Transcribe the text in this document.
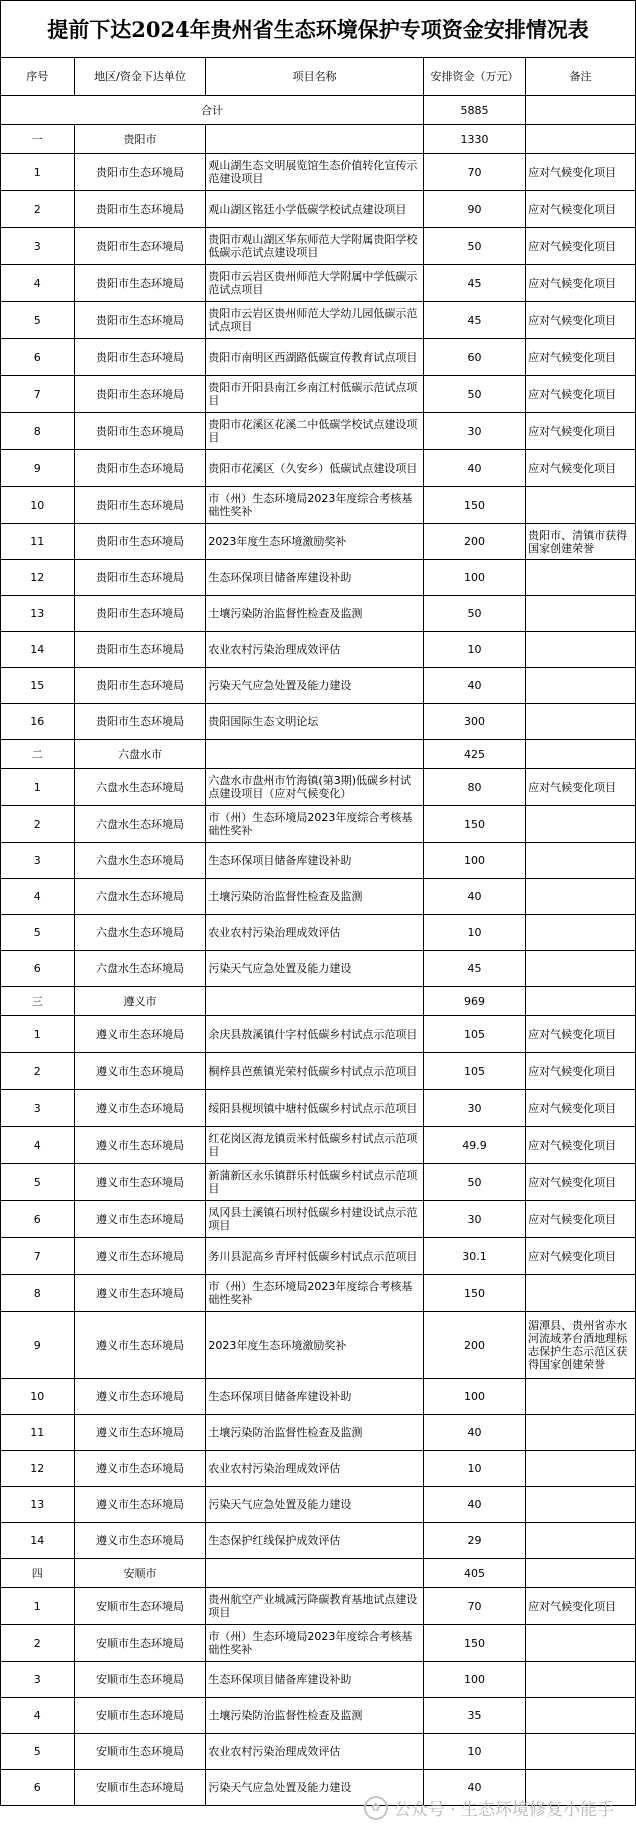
提前下达2024年贵州省生态环境保护专项资金安排情况表
序号	地区/资金下达单位	项目名称	安排资金（万元）	备注
合计			5885	
一	贵阳市		1330	
1	贵阳市生态环境局	观山湖生态文明展览馆生态价值转化宣传示范建设项目	70	应对气候变化项目
2	贵阳市生态环境局	观山湖区铭廷小学低碳学校试点建设项目	90	应对气候变化项目
3	贵阳市生态环境局	贵阳市观山湖区华东师范大学附属贵阳学校低碳示范试点建设项目	50	应对气候变化项目
4	贵阳市生态环境局	贵阳市云岩区贵州师范大学附属中学低碳示范试点项目	45	应对气候变化项目
5	贵阳市生态环境局	贵阳市云岩区贵州师范大学幼儿园低碳示范试点项目	45	应对气候变化项目
6	贵阳市生态环境局	贵阳市南明区西湖路低碳宣传教育试点项目	60	应对气候变化项目
7	贵阳市生态环境局	贵阳市开阳县南江乡南江村低碳示范试点项目	50	应对气候变化项目
8	贵阳市生态环境局	贵阳市花溪区花溪二中低碳学校试点建设项目	30	应对气候变化项目
9	贵阳市生态环境局	贵阳市花溪区（久安乡）低碳试点建设项目	40	应对气候变化项目
10	贵阳市生态环境局	市（州）生态环境局2023年度综合考核基础性奖补	150	
11	贵阳市生态环境局	2023年度生态环境激励奖补	200	贵阳市、清镇市获得国家创建荣誉
12	贵阳市生态环境局	生态环保项目储备库建设补助	100	
13	贵阳市生态环境局	土壤污染防治监督性检查及监测	50	
14	贵阳市生态环境局	农业农村污染治理成效评估	10	
15	贵阳市生态环境局	污染天气应急处置及能力建设	40	
16	贵阳市生态环境局	贵阳国际生态文明论坛	300	
二	六盘水市		425	
1	六盘水生态环境局	六盘水市盘州市竹海镇(第3期)低碳乡村试点建设项目（应对气候变化）	80	应对气候变化项目
2	六盘水生态环境局	市（州）生态环境局2023年度综合考核基础性奖补	150	
3	六盘水生态环境局	生态环保项目储备库建设补助	100	
4	六盘水生态环境局	土壤污染防治监督性检查及监测	40	
5	六盘水生态环境局	农业农村污染治理成效评估	10	
6	六盘水生态环境局	污染天气应急处置及能力建设	45	
三	遵义市		969	
1	遵义市生态环境局	余庆县敖溪镇什字村低碳乡村试点示范项目	105	应对气候变化项目
2	遵义市生态环境局	桐梓县芭蕉镇光荣村低碳乡村试点示范项目	105	应对气候变化项目
3	遵义市生态环境局	绥阳县枧坝镇中塘村低碳乡村试点示范项目	30	应对气候变化项目
4	遵义市生态环境局	红花岗区海龙镇贡米村低碳乡村试点示范项目	49.9	应对气候变化项目
5	遵义市生态环境局	新蒲新区永乐镇群乐村低碳乡村试点示范项目	50	应对气候变化项目
6	遵义市生态环境局	凤冈县土溪镇石坝村低碳乡村建设试点示范项目	30	应对气候变化项目
7	遵义市生态环境局	务川县泥高乡青坪村低碳乡村试点示范项目	30.1	应对气候变化项目
8	遵义市生态环境局	市（州）生态环境局2023年度综合考核基础性奖补	150	
9	遵义市生态环境局	2023年度生态环境激励奖补	200	湄潭县、贵州省赤水河流域茅台酒地理标志保护生态示范区获得国家创建荣誉
10	遵义市生态环境局	生态环保项目储备库建设补助	100	
11	遵义市生态环境局	土壤污染防治监督性检查及监测	40	
12	遵义市生态环境局	农业农村污染治理成效评估	10	
13	遵义市生态环境局	污染天气应急处置及能力建设	40	
14	遵义市生态环境局	生态保护红线保护成效评估	29	
四	安顺市		405	
1	安顺市生态环境局	贵州航空产业城减污降碳教育基地试点建设项目	70	应对气候变化项目
2	安顺市生态环境局	市（州）生态环境局2023年度综合考核基础性奖补	150	
3	安顺市生态环境局	生态环保项目储备库建设补助	100	
4	安顺市生态环境局	土壤污染防治监督性检查及监测	35	
5	安顺市生态环境局	农业农村污染治理成效评估	10	
6	安顺市生态环境局	污染天气应急处置及能力建设	40	
✿ 公众号 · 生态环境修复小能手
